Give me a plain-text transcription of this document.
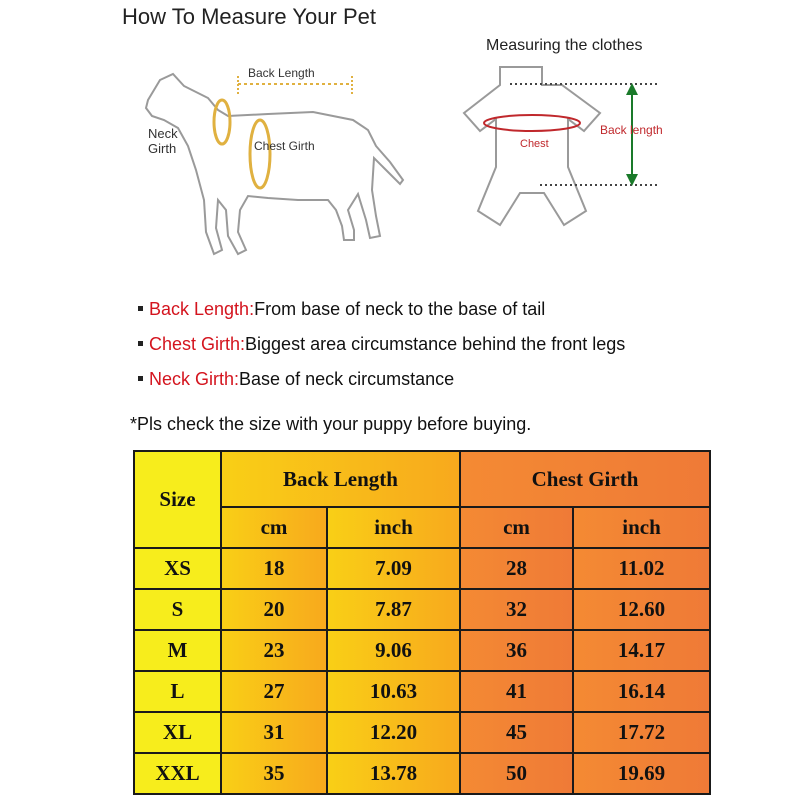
How To Measure Your Pet
Back Length
Neck
Girth	Chest Girth
Measuring the clothes
Chest
Back length
Back Length:From base of neck to the base of tail
Chest Girth:Biggest area circumstance behind the front legs
Neck Girth:Base of neck circumstance
*Pls check the size with your puppy before buying.
Size	Back Length		Chest Girth	
	cm	inch	cm	inch
XS	18	7.09	28	11.02
S	20	7.87	32	12.60
M	23	9.06	36	14.17
L	27	10.63	41	16.14
XL	31	12.20	45	17.72
XXL	35	13.78	50	19.69
